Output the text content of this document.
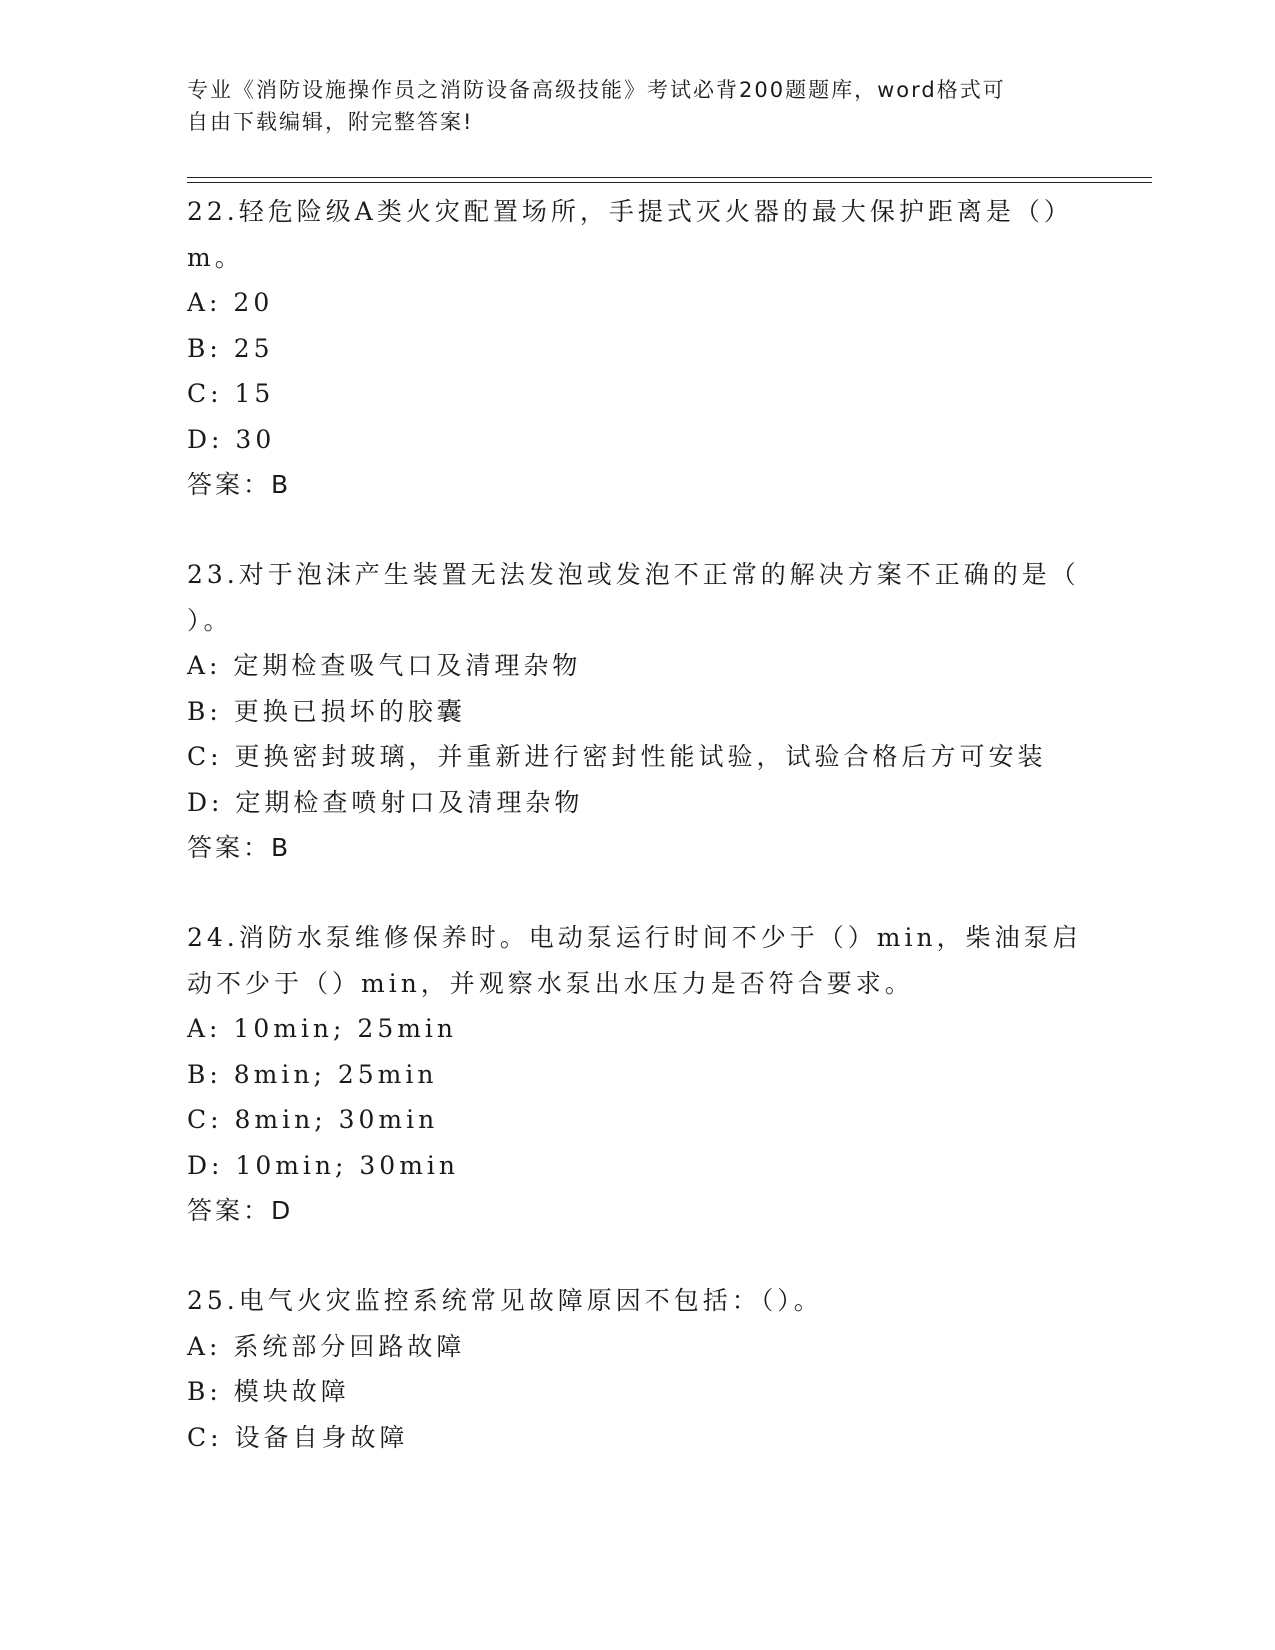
专业《消防设施操作员之消防设备高级技能》考试必背200题题库，word格式可
自由下载编辑，附完整答案!

22.轻危险级A类火灾配置场所，手提式灭火器的最大保护距离是（）

m。

A: 20

B: 25

C: 15

D: 30

答案：B

23.对于泡沫产生装置无法发泡或发泡不正常的解决方案不正确的是（

）。

A: 定期检查吸气口及清理杂物

B: 更换已损坏的胶囊

C: 更换密封玻璃，并重新进行密封性能试验，试验合格后方可安装

D: 定期检查喷射口及清理杂物

答案：B

24.消防水泵维修保养时。电动泵运行时间不少于（）min，柴油泵启

动不少于（）min，并观察水泵出水压力是否符合要求。

A: 10min; 25min

B: 8min; 25min

C: 8min; 30min

D: 10min; 30min

答案：D

25.电气火灾监控系统常见故障原因不包括：（）。

A: 系统部分回路故障

B: 模块故障

C: 设备自身故障
